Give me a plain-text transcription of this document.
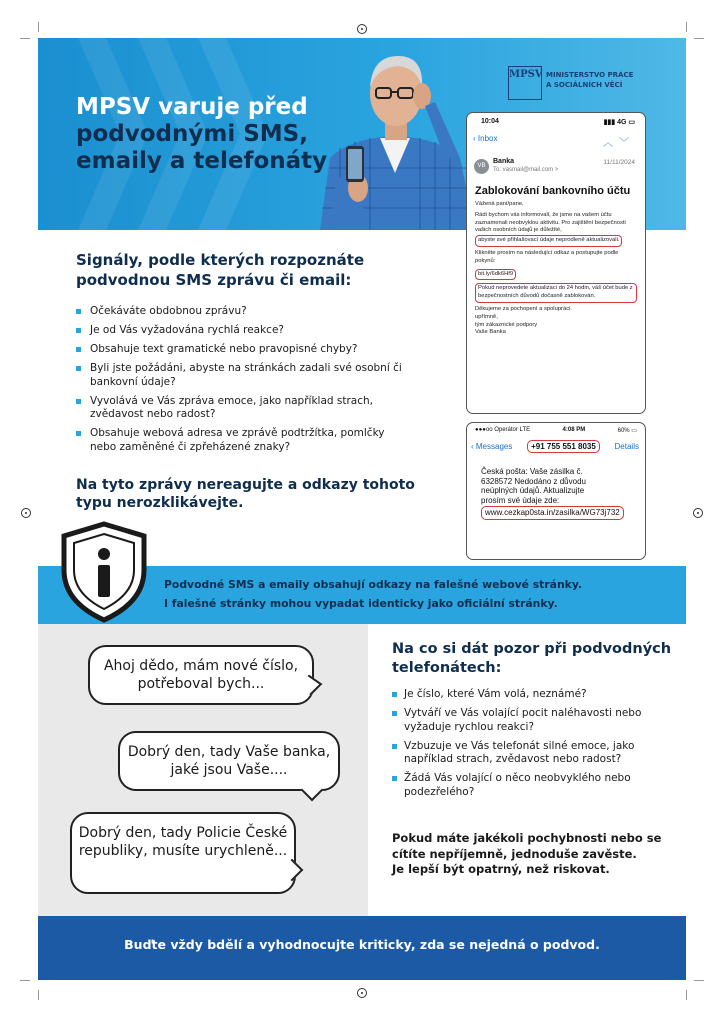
MPSV varuje před
podvodnými SMS,
emaily a telefonáty
MPSV MINISTERSTVO PRÁCE
A SOCIÁLNÍCH VĚCÍ
10:04	▮▮▮ 4G ▭
‹ Inbox	︿﹀
VB
Banka
To: vasmail@mail.com >
11/11/2024
Zablokování bankovního účtu

Vážená paní/pane,

Rádi bychom vás informovali, že jsme na vašem účtu zaznamenali neobvyklou aktivitu. Pro zajištění bezpečnosti vašich osobních údajů je důležité, abyste své přihlašovací údaje neprodleně aktualizovali.

Klikněte prosím na následující odkaz a postupujte podle pokynů:

bit.ly/6dk6Hf9

Pokud neprovedete aktualizaci do 24 hodin, váš účet bude z bezpečnostních důvodů dočasně zablokován.

Děkujeme za pochopení a spolupráci.

upřímně,

tým zákaznické podpory

Vaše Banka

●●●oo Operátor LTE	4:08 PM	60% ▭
‹ Messages	+91 755 551 8035	Details
Česká pošta: Vaše zásilka č. 6328572 Nedodáno z důvodu neúplných údajů. Aktualizujte prosím své údaje zde:
www.cezkap0sta.in/zasilka/WG73j732
Signály, podle kterých rozpoznáte podvodnou SMS zprávu či email:
Očekáváte obdobnou zprávu?
Je od Vás vyžadována rychlá reakce?
Obsahuje text gramatické nebo pravopisné chyby?
Byli jste požádáni, abyste na stránkách zadali své osobní či bankovní údaje?
Vyvolává ve Vás zpráva emoce, jako například strach, zvědavost nebo radost?
Obsahuje webová adresa ve zprávě podtržítka, pomlčky nebo zaměněné či zpřeházené znaky?
Na tyto zprávy nereagujte a odkazy tohoto typu nerozklikávejte.
Podvodné SMS a emaily obsahují odkazy na falešné webové stránky.
I falešné stránky mohou vypadat identicky jako oficiální stránky.
Ahoj dědo, mám nové číslo, potřeboval bych...
Dobrý den, tady Vaše banka, jaké jsou Vaše....
Dobrý den, tady Policie České republiky, musíte urychleně...
Na co si dát pozor při podvodných telefonátech:
Je číslo, které Vám volá, neznámé?
Vytváří ve Vás volající pocit naléhavosti nebo vyžaduje rychlou reakci?
Vzbuzuje ve Vás telefonát silné emoce, jako například strach, zvědavost nebo radost?
Žádá Vás volající o něco neobvyklého nebo podezřelého?
Pokud máte jakékoli pochybnosti nebo se cítíte nepříjemně, jednoduše zavěste.
Je lepší být opatrný, než riskovat.
Buďte vždy bdělí a vyhodnocujte kriticky, zda se nejedná o podvod.
